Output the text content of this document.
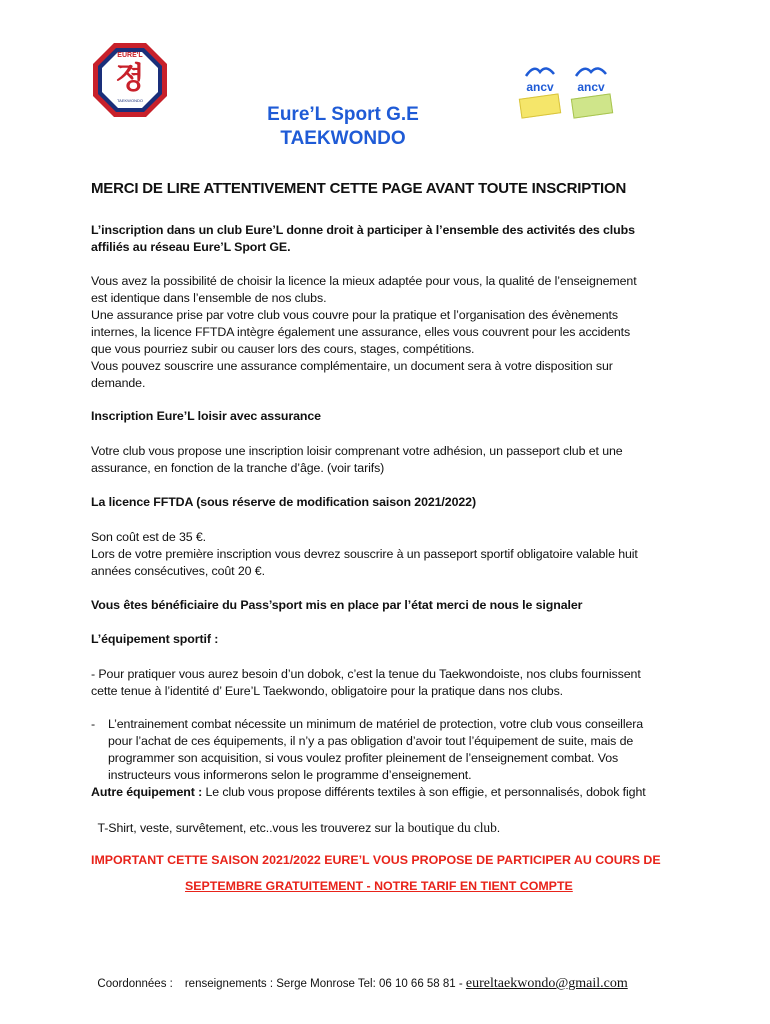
EURE'L
졍
TAEKWONDO
ancv	ancv
Eure’L Sport G.E
TAEKWONDO
MERCI DE LIRE ATTENTIVEMENT CETTE PAGE AVANT TOUTE INSCRIPTION
L’inscription dans un club Eure’L donne droit à participer à l’ensemble des activités des clubs
affiliés au réseau Eure’L Sport GE.
Vous avez la possibilité de choisir la licence la mieux adaptée pour vous, la qualité de l’enseignement
est identique dans l’ensemble de nos clubs.
Une assurance prise par votre club vous couvre pour la pratique et l’organisation des évènements
internes, la licence FFTDA intègre également une assurance, elles vous couvrent pour les accidents
que vous pourriez subir ou causer lors des cours, stages, compétitions.
Vous pouvez souscrire une assurance complémentaire, un document sera à votre disposition sur
demande.
Inscription Eure’L loisir avec assurance
Votre club vous propose une inscription loisir comprenant votre adhésion, un passeport club et une
assurance, en fonction de la tranche d’âge. (voir tarifs)
La licence FFTDA (sous réserve de modification saison 2021/2022)
Son coût est de 35 €.
Lors de votre première inscription vous devrez souscrire à un passeport sportif obligatoire valable huit
années consécutives, coût 20 €.
Vous êtes bénéficiaire du Pass’sport mis en place par l’état merci de nous le signaler
L’équipement sportif :
- Pour pratiquer vous aurez besoin d’un dobok, c’est la tenue du Taekwondoiste, nos clubs fournissent
cette tenue à l’identité d’ Eure’L Taekwondo, obligatoire pour la pratique dans nos clubs.
- L’entrainement combat nécessite un minimum de matériel de protection, votre club vous conseillera
pour l’achat de ces équipements, il n’y a pas obligation d’avoir tout l’équipement de suite, mais de
programmer son acquisition, si vous voulez profiter pleinement de l’enseignement combat. Vos
instructeurs vous informerons selon le programme d’enseignement.
Autre équipement : Le club vous propose différents textiles à son effigie, et personnalisés, dobok fight

T-Shirt, veste, survêtement, etc..vous les trouverez sur la boutique du club.

IMPORTANT CETTE SAISON 2021/2022 EURE’L VOUS PROPOSE DE PARTICIPER AU COURS DE
SEPTEMBRE GRATUITEMENT - NOTRE TARIF EN TIENT COMPTE

Coordonnées : renseignements : Serge Monrose Tel: 06 10 66 58 81 - eureltaekwondo@gmail.com
